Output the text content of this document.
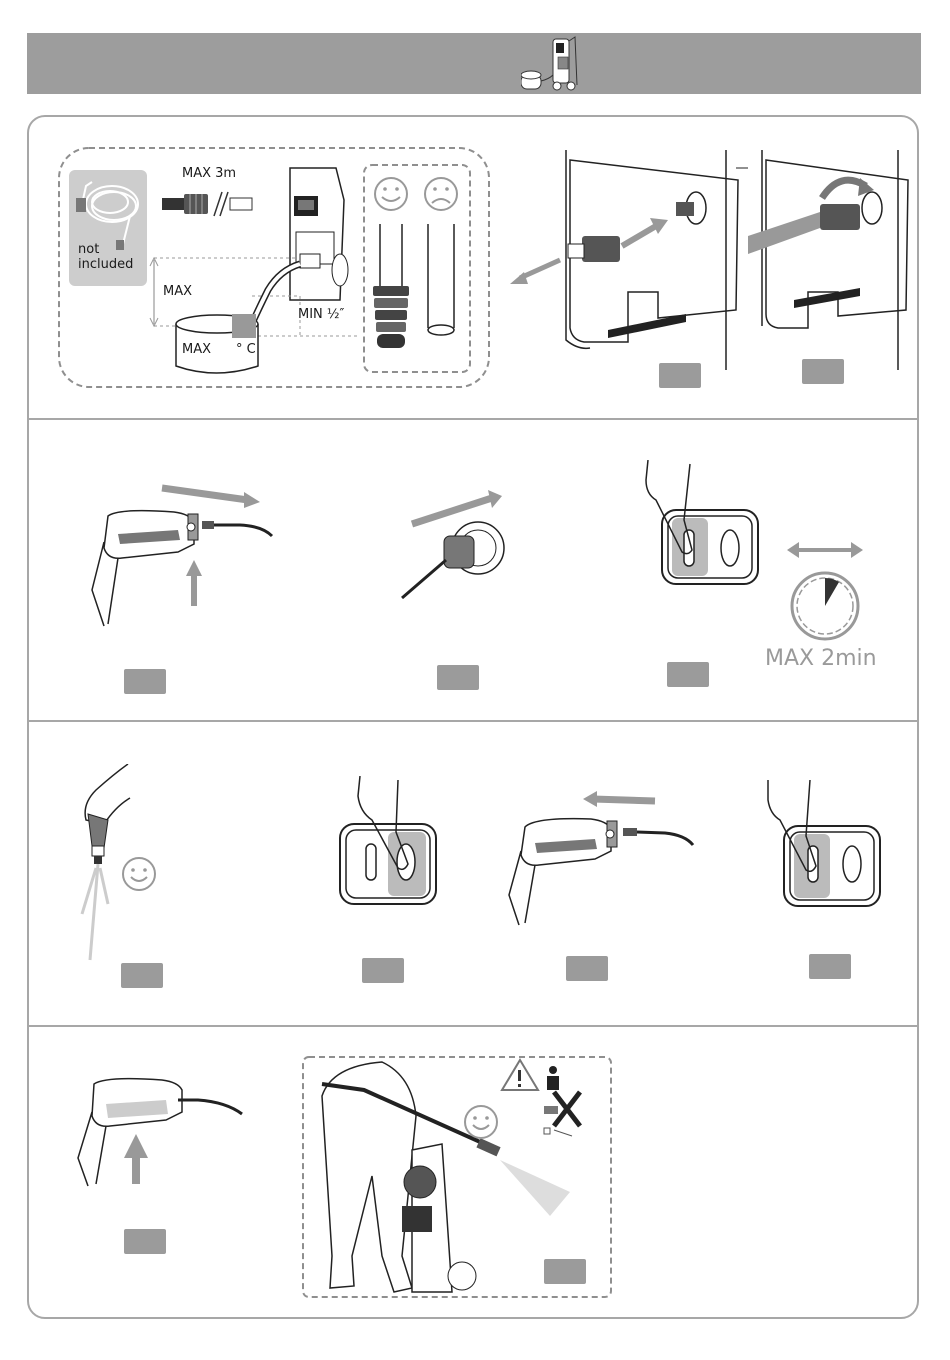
not
included
MAX 3m
MAX
MIN ½″
MAX ° C
MAX 2min
